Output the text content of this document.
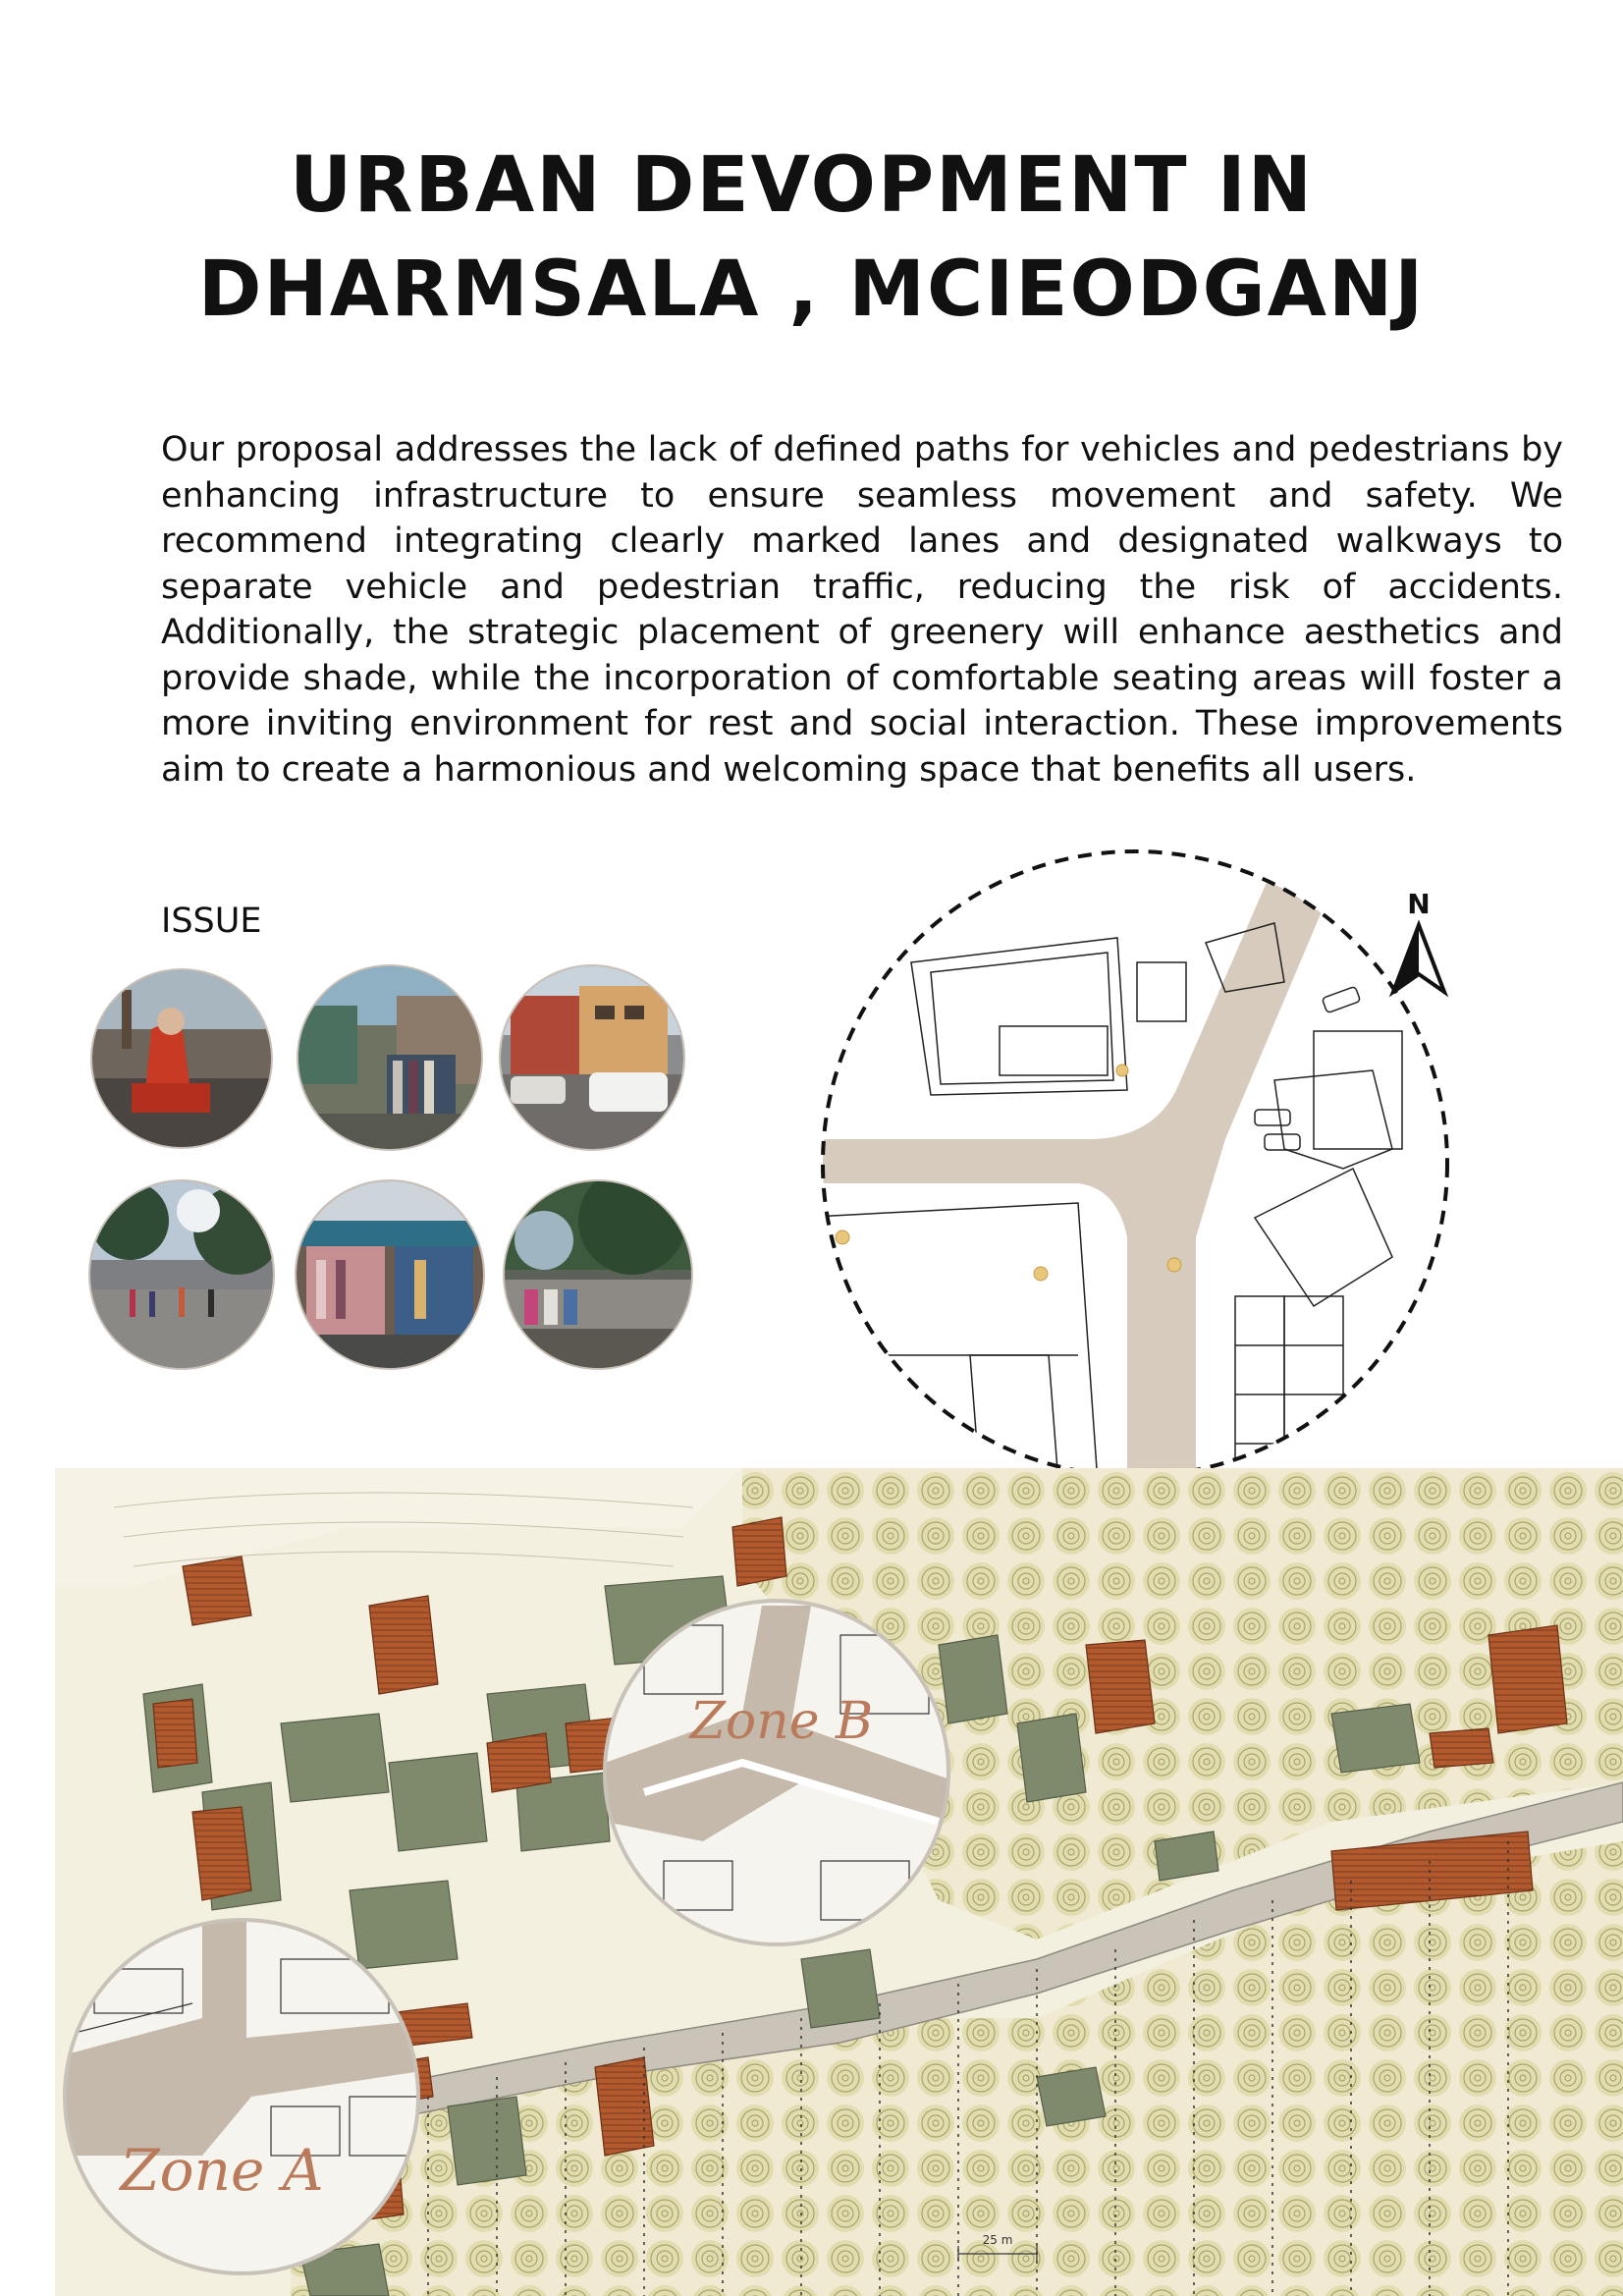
URBAN DEVOPMENT IN
DHARMSALA , MCIEODGANJ

Our proposal addresses the lack of defined paths for vehicles and pedestrians by enhancing infrastructure to ensure seamless movement and safety. We recommend integrating clearly marked lanes and designated walkways to separate vehicle and pedestrian traffic, reducing the risk of accidents. Additionally, the strategic placement of greenery will enhance aesthetics and provide shade, while the incorporation of comfortable seating areas will foster a more inviting environment for rest and social interaction. These improvements aim to create a harmonious and welcoming space that benefits all users.

ISSUE	N
25 m
Zone A
Zone B
